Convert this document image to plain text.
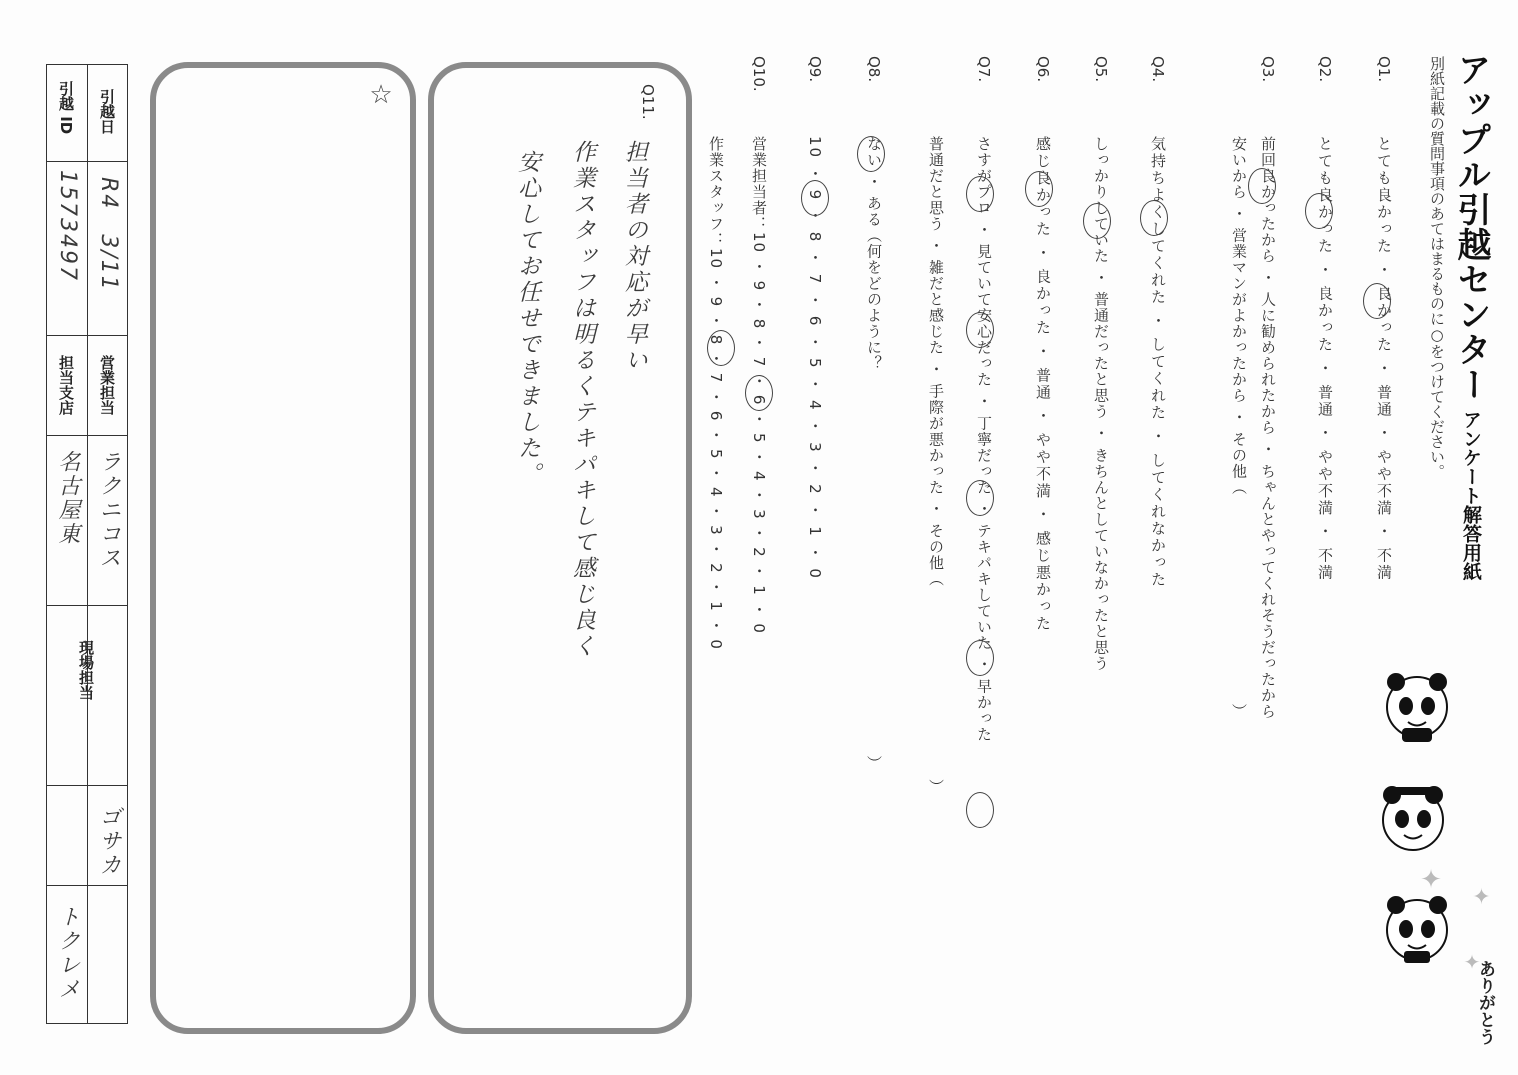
アップル引越センターアンケート解答用紙
別紙記載の質問事項のあてはまるものに○をつけてください。
Q1.
とても良かった ・ 良かった ・ 普通 ・ やや不満 ・ 不満
Q2.
とても良かった ・ 良かった ・ 普通 ・ やや不満 ・ 不満
Q3.
前回良かったから ・ 人に勧められたから ・ ちゃんとやってくれそうだったから
安いから ・ 営業マンがよかったから ・ その他（　　　　　　　　　　　　　）
Q4.
気持ちよくしてくれた ・ してくれた ・ してくれなかった
Q5.
しっかりしていた ・ 普通だったと思う ・ きちんとしていなかったと思う
Q6.
感じ良かった ・ 良かった ・ 普通 ・ やや不満 ・ 感じ悪かった
Q7.
さすがプロ ・ 見ていて安心だった ・ 丁寧だった ・ テキパキしていた ・ 早かった
普通だと思う ・ 雑だと感じた ・ 手際が悪かった ・ その他（　　　　　　　　　　　　）
Q8.
ない ・ ある（何をどのように？　　　　　　　　　　　　　　　　　　　　　　　　）
Q9.
10 ・ 9 ・ 8 ・ 7 ・ 6 ・ 5 ・ 4 ・ 3 ・ 2 ・ 1 ・ 0
Q10.
営業担当者：10 ・ 9 ・ 8 ・ 7 ・ 6 ・ 5 ・ 4 ・ 3 ・ 2 ・ 1 ・ 0
作業スタッフ：10 ・ 9 ・ 8 ・ 7 ・ 6 ・ 5 ・ 4 ・ 3 ・ 2 ・ 1 ・ 0
Q11.
担当者の対応が早い
作業スタッフは明るくテキパキして感じ良く
安心してお任せできました。
☆
引越日
R4　3/11
営業担当
ラクニコス
引越 ID
1573497
担当支店
名古屋東
現場担当
ゴサカ
トクレメ
ありがとう
✦
✦
✦
